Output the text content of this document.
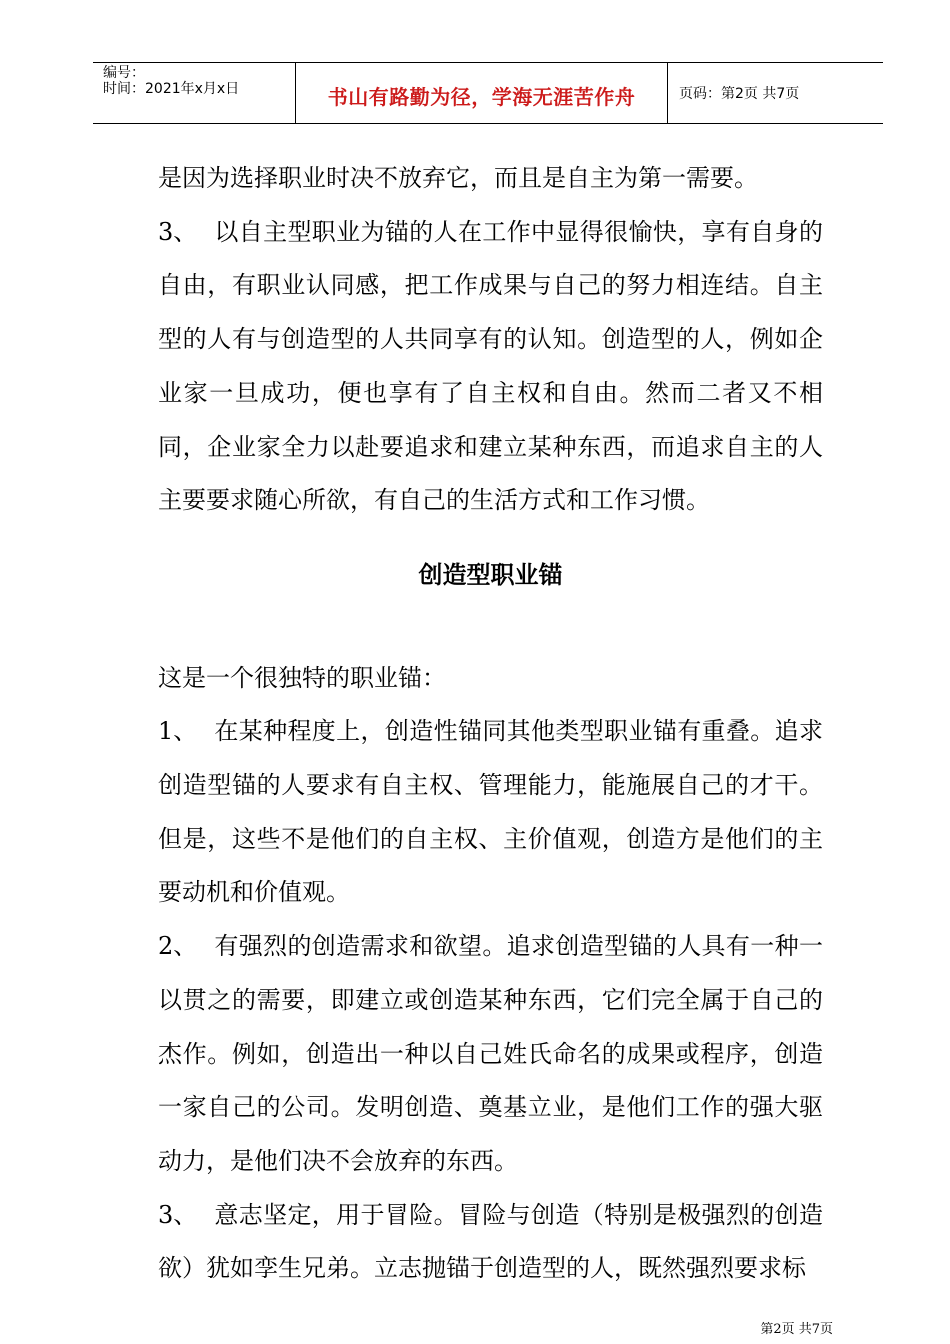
编号：
时间：2021年x月x日	书山有路勤为径，学海无涯苦作舟	页码：第2页 共7页

是因为选择职业时决不放弃它，而且是自主为第一需要。

3、 以自主型职业为锚的人在工作中显得很愉快，享有自身的自由，有职业认同感，把工作成果与自己的努力相连结。自主型的人有与创造型的人共同享有的认知。创造型的人，例如企业家一旦成功，便也享有了自主权和自由。然而二者又不相同，企业家全力以赴要追求和建立某种东西，而追求自主的人主要要求随心所欲，有自己的生活方式和工作习惯。

创造型职业锚

这是一个很独特的职业锚：

1、 在某种程度上，创造性锚同其他类型职业锚有重叠。追求创造型锚的人要求有自主权、管理能力，能施展自己的才干。但是，这些不是他们的自主权、主价值观，创造方是他们的主要动机和价值观。

2、 有强烈的创造需求和欲望。追求创造型锚的人具有一种一以贯之的需要，即建立或创造某种东西，它们完全属于自己的杰作。例如，创造出一种以自己姓氏命名的成果或程序，创造一家自己的公司。发明创造、奠基立业，是他们工作的强大驱动力，是他们决不会放弃的东西。

3、 意志坚定，用于冒险。冒险与创造（特别是极强烈的创造欲）犹如孪生兄弟。立志抛锚于创造型的人，既然强烈要求标

第2页 共7页
